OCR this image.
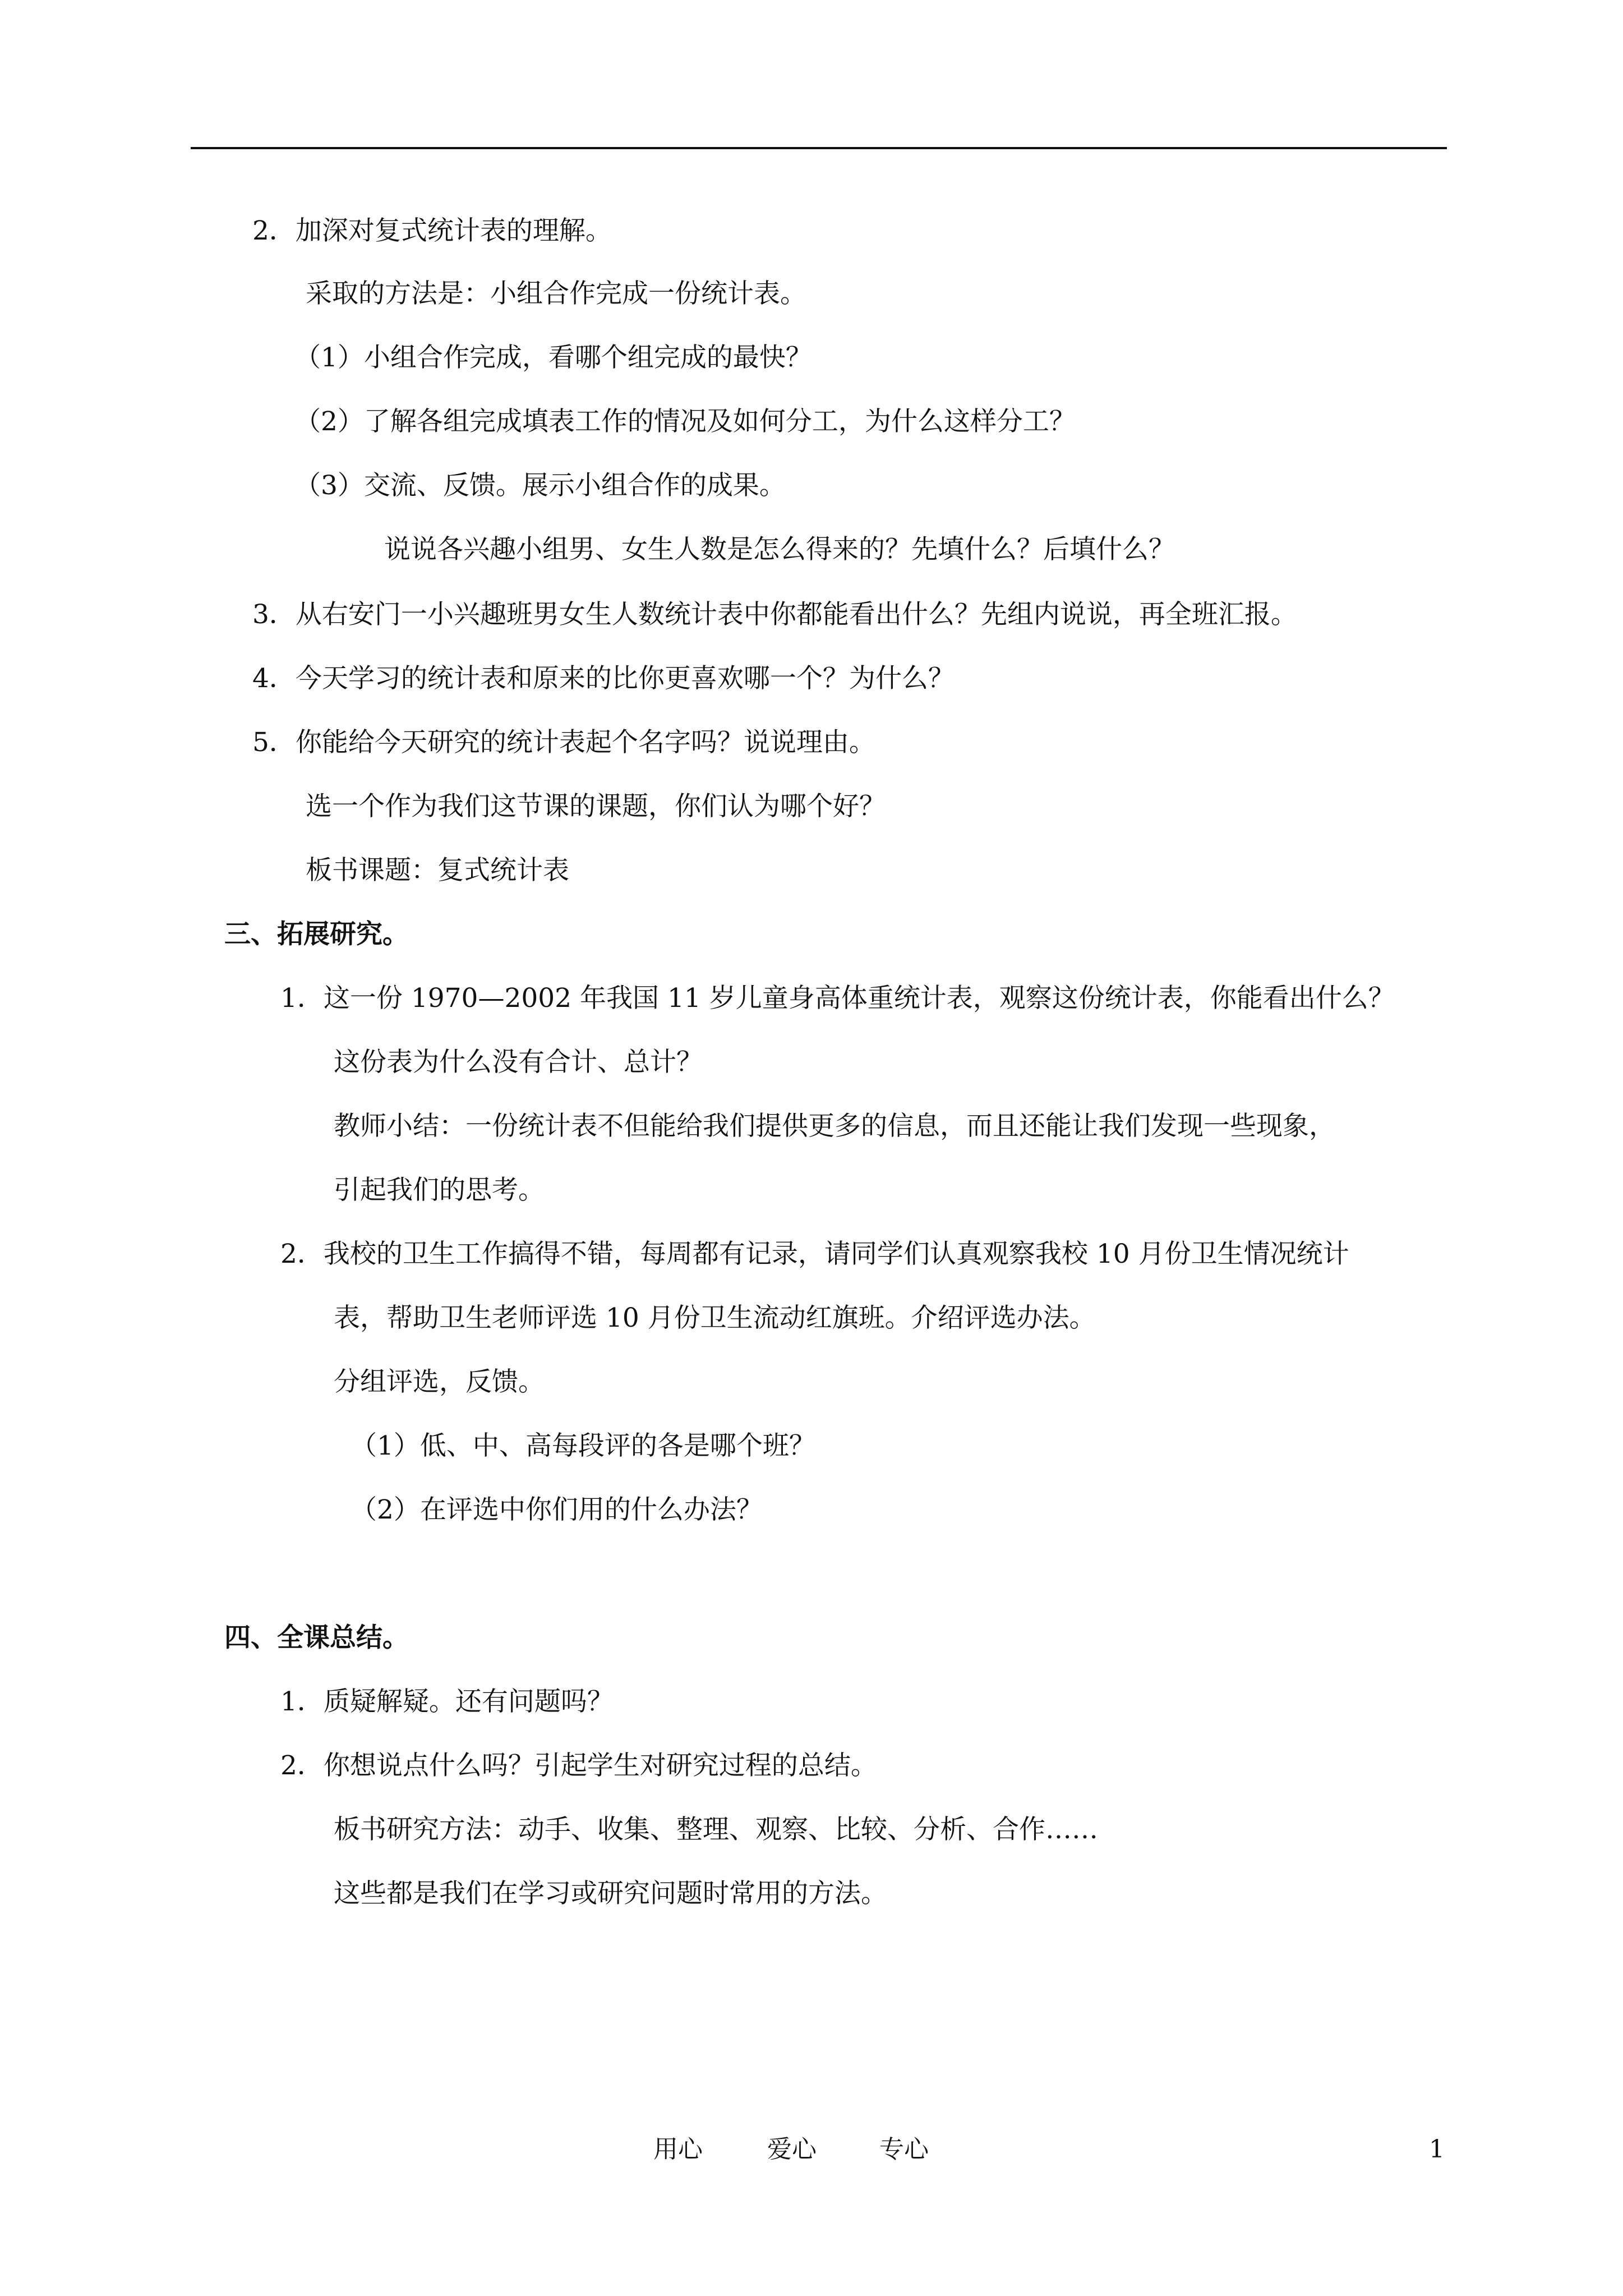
2．加深对复式统计表的理解。
采取的方法是：小组合作完成一份统计表。
（1）小组合作完成，看哪个组完成的最快？
（2）了解各组完成填表工作的情况及如何分工，为什么这样分工？
（3）交流、反馈。展示小组合作的成果。
说说各兴趣小组男、女生人数是怎么得来的？先填什么？后填什么？
3．从右安门一小兴趣班男女生人数统计表中你都能看出什么？先组内说说，再全班汇报。
4．今天学习的统计表和原来的比你更喜欢哪一个？为什么？
5．你能给今天研究的统计表起个名字吗？说说理由。
选一个作为我们这节课的课题，你们认为哪个好？
板书课题：复式统计表
三、拓展研究。
1．这一份 1970—2002 年我国 11 岁儿童身高体重统计表，观察这份统计表，你能看出什么？
这份表为什么没有合计、总计？
教师小结：一份统计表不但能给我们提供更多的信息，而且还能让我们发现一些现象，
引起我们的思考。
2．我校的卫生工作搞得不错，每周都有记录，请同学们认真观察我校 10 月份卫生情况统计
表，帮助卫生老师评选 10 月份卫生流动红旗班。介绍评选办法。
分组评选，反馈。
（1）低、中、高每段评的各是哪个班？
（2）在评选中你们用的什么办法？
四、全课总结。
1．质疑解疑。还有问题吗？
2．你想说点什么吗？引起学生对研究过程的总结。
板书研究方法：动手、收集、整理、观察、比较、分析、合作……
这些都是我们在学习或研究问题时常用的方法。
用心	爱心	专心	1
